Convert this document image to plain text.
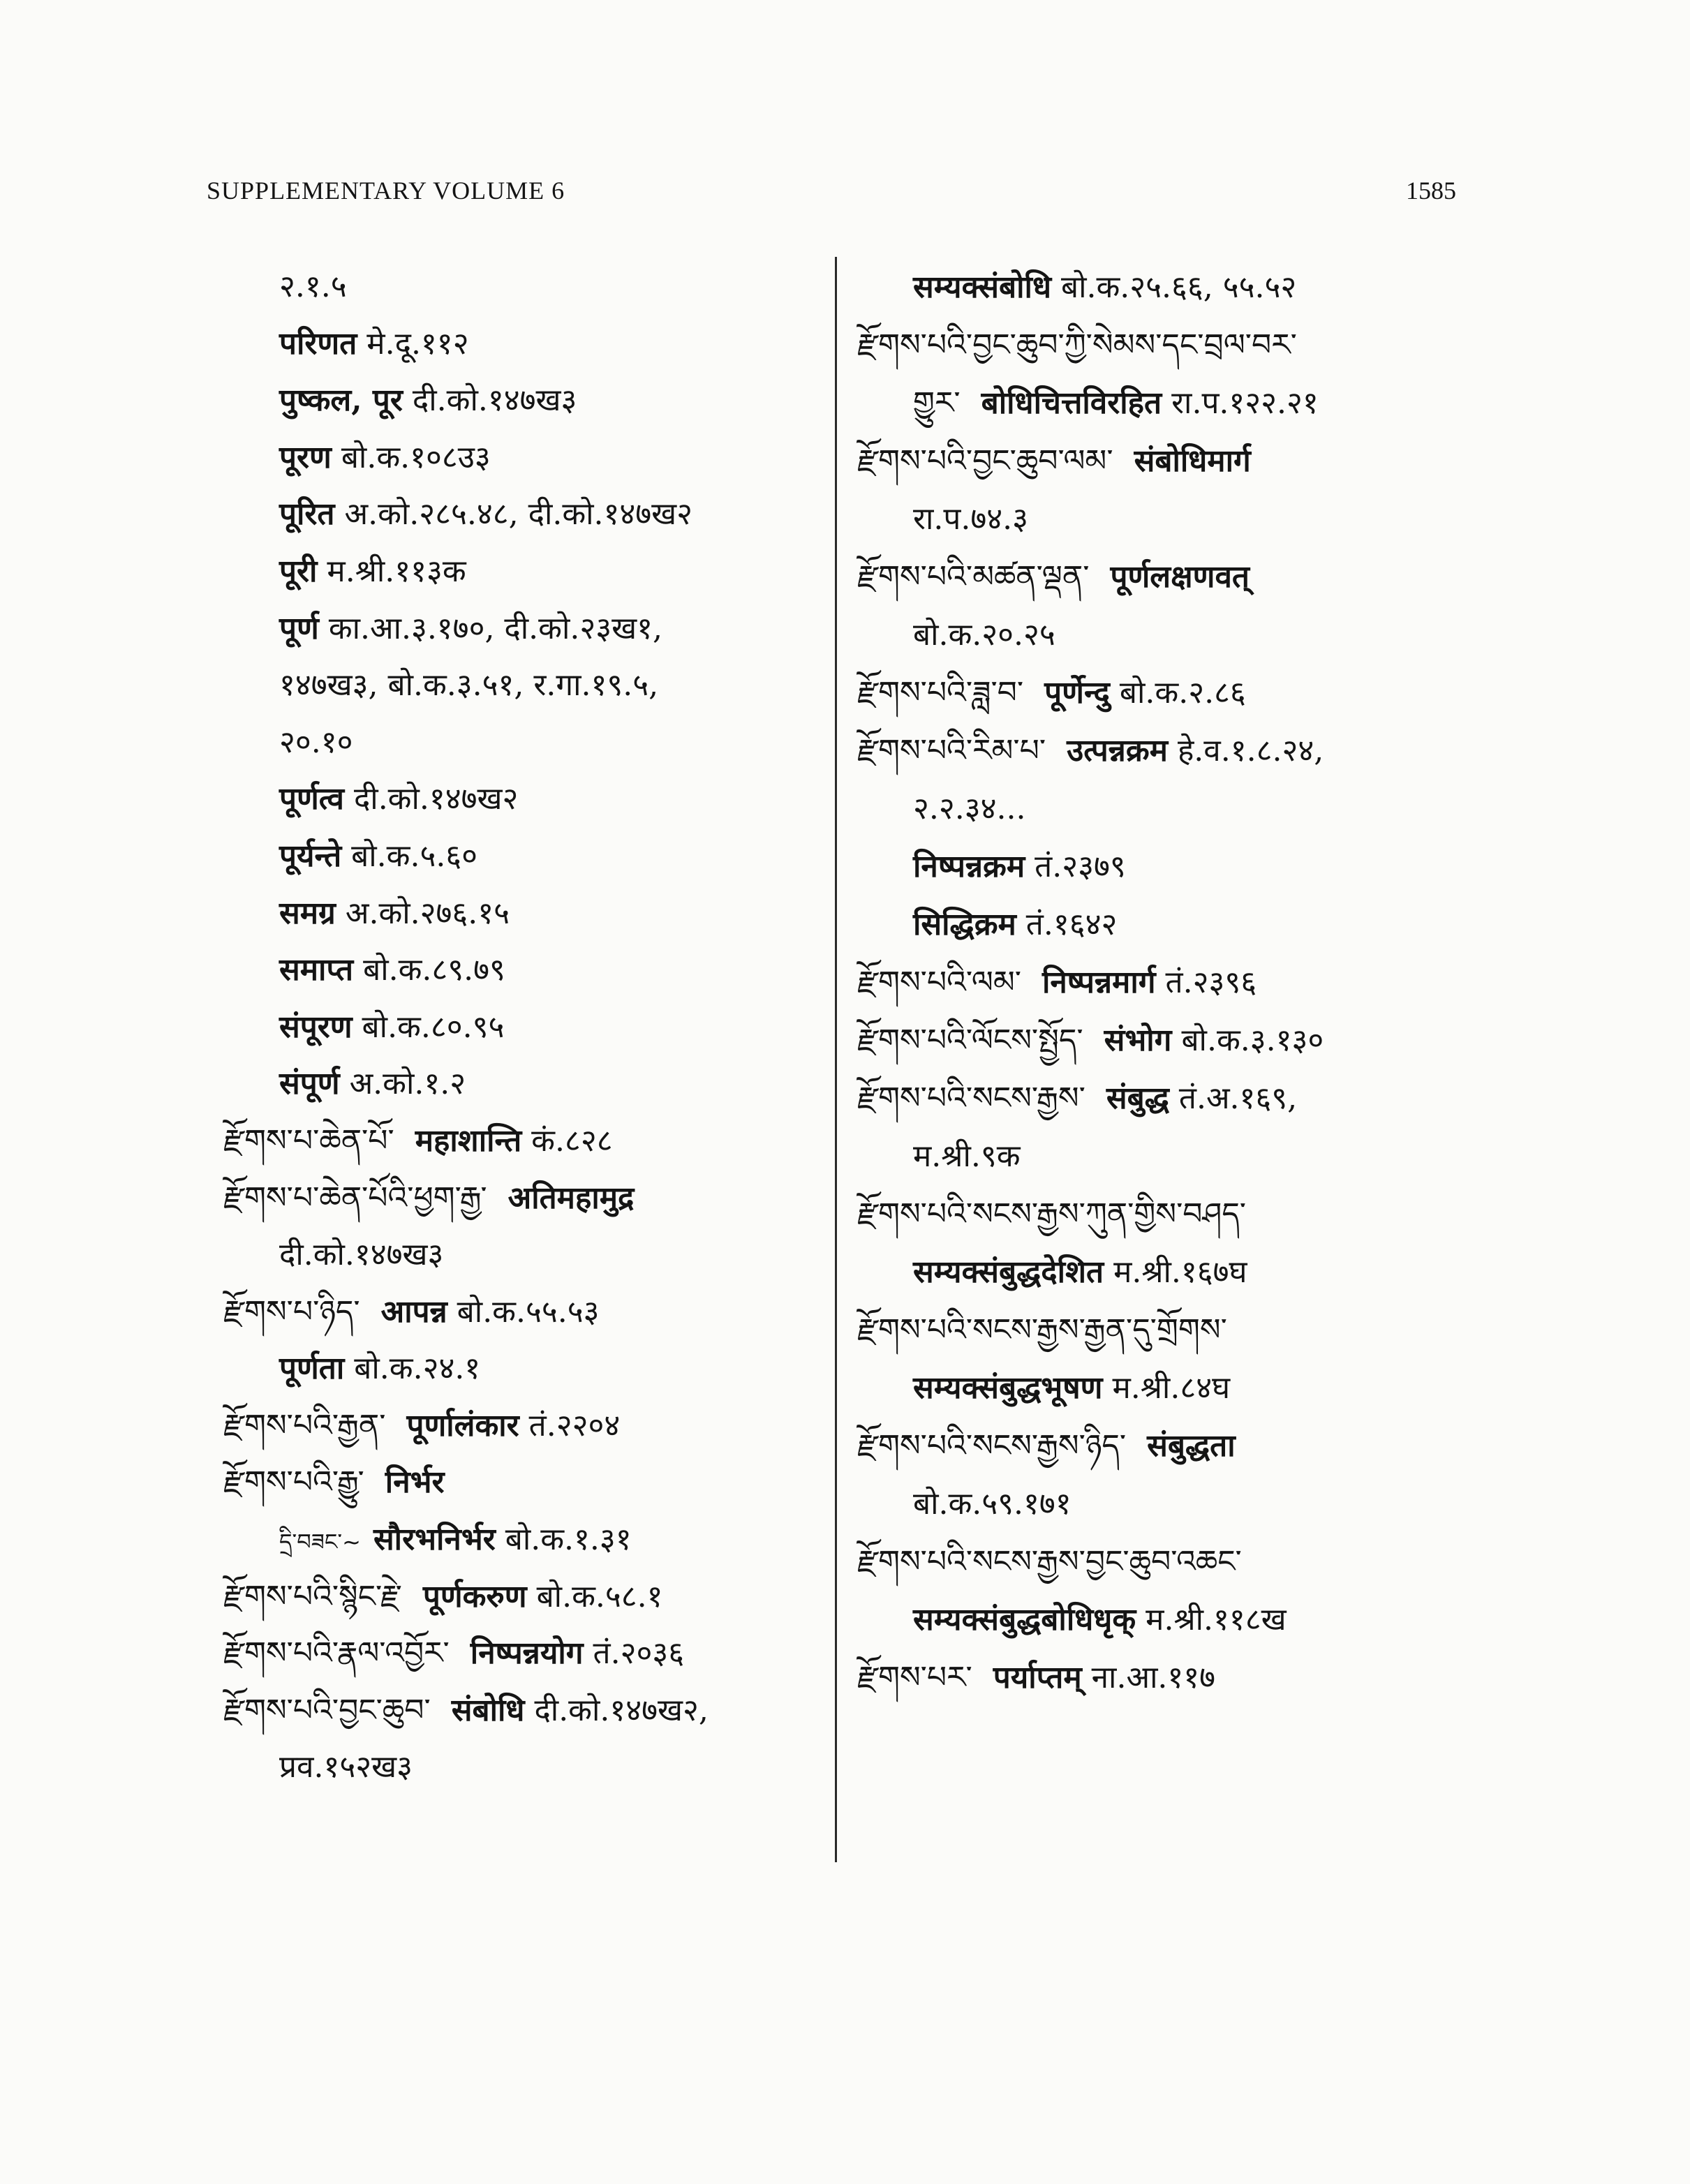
SUPPLEMENTARY VOLUME 6	1585
२.१.५
परिणत मे.दू.११२
पुष्कल, पूर दी.को.१४७ख३
पूरण बो.क.१०८उ३
पूरित अ.को.२८५.४८, दी.को.१४७ख२
पूरी म.श्री.११३क
पूर्ण का.आ.३.१७०, दी.को.२३ख१,
१४७ख३, बो.क.३.५१, र.गा.१९.५,
२०.१०
पूर्णत्व दी.को.१४७ख२
पूर्यन्ते बो.क.५.६०
समग्र अ.को.२७६.१५
समाप्त बो.क.८९.७९
संपूरण बो.क.८०.९५
संपूर्ण अ.को.१.२
རྫོགས་པ་ཆེན་པོ་ महाशान्ति कं.८२८
རྫོགས་པ་ཆེན་པོའི་ཕྱག་རྒྱ་ अतिमहामुद्र
दी.को.१४७ख३
རྫོགས་པ་ཉིད་ आपन्न बो.क.५५.५३
पूर्णता बो.क.२४.१
རྫོགས་པའི་རྒྱན་ पूर्णालंकार तं.२२०४
རྫོགས་པའི་རྒྱུ་ निर्भर
དྲི་བཟང་~ सौरभनिर्भर बो.क.१.३१
རྫོགས་པའི་སྙིང་རྗེ་ पूर्णकरुण बो.क.५८.१
རྫོགས་པའི་རྣལ་འབྱོར་ निष्पन्नयोग तं.२०३६
རྫོགས་པའི་བྱང་ཆུབ་ संबोधि दी.को.१४७ख२,
प्रव.१५२ख३
सम्यक्संबोधि बो.क.२५.६६, ५५.५२
རྫོགས་པའི་བྱང་ཆུབ་ཀྱི་སེམས་དང་བྲལ་བར་
གྱུར་ बोधिचित्तविरहित रा.प.१२२.२१
རྫོགས་པའི་བྱང་ཆུབ་ལམ་ संबोधिमार्ग
रा.प.७४.३
རྫོགས་པའི་མཚན་ལྡན་ पूर्णलक्षणवत्
बो.क.२०.२५
རྫོགས་པའི་ཟླ་བ་ पूर्णेन्दु बो.क.२.८६
རྫོགས་པའི་རིམ་པ་ उत्पन्नक्रम हे.व.१.८.२४,
२.२.३४...
निष्पन्नक्रम तं.२३७९
सिद्धिक्रम तं.१६४२
རྫོགས་པའི་ལམ་ निष्पन्नमार्ग तं.२३९६
རྫོགས་པའི་ལོངས་སྤྱོད་ संभोग बो.क.३.१३०
རྫོགས་པའི་སངས་རྒྱས་ संबुद्ध तं.अ.१६९,
म.श्री.९क
རྫོགས་པའི་སངས་རྒྱས་ཀུན་གྱིས་བཤད་
सम्यक्संबुद्धदेशित म.श्री.१६७घ
རྫོགས་པའི་སངས་རྒྱས་རྒྱན་དུ་གྲོགས་
सम्यक्संबुद्धभूषण म.श्री.८४घ
རྫོགས་པའི་སངས་རྒྱས་ཉིད་ संबुद्धता
बो.क.५९.१७१
རྫོགས་པའི་སངས་རྒྱས་བྱང་ཆུབ་འཆང་
सम्यक्संबुद्धबोधिधृक् म.श्री.११८ख
རྫོགས་པར་ पर्याप्तम् ना.आ.११७
